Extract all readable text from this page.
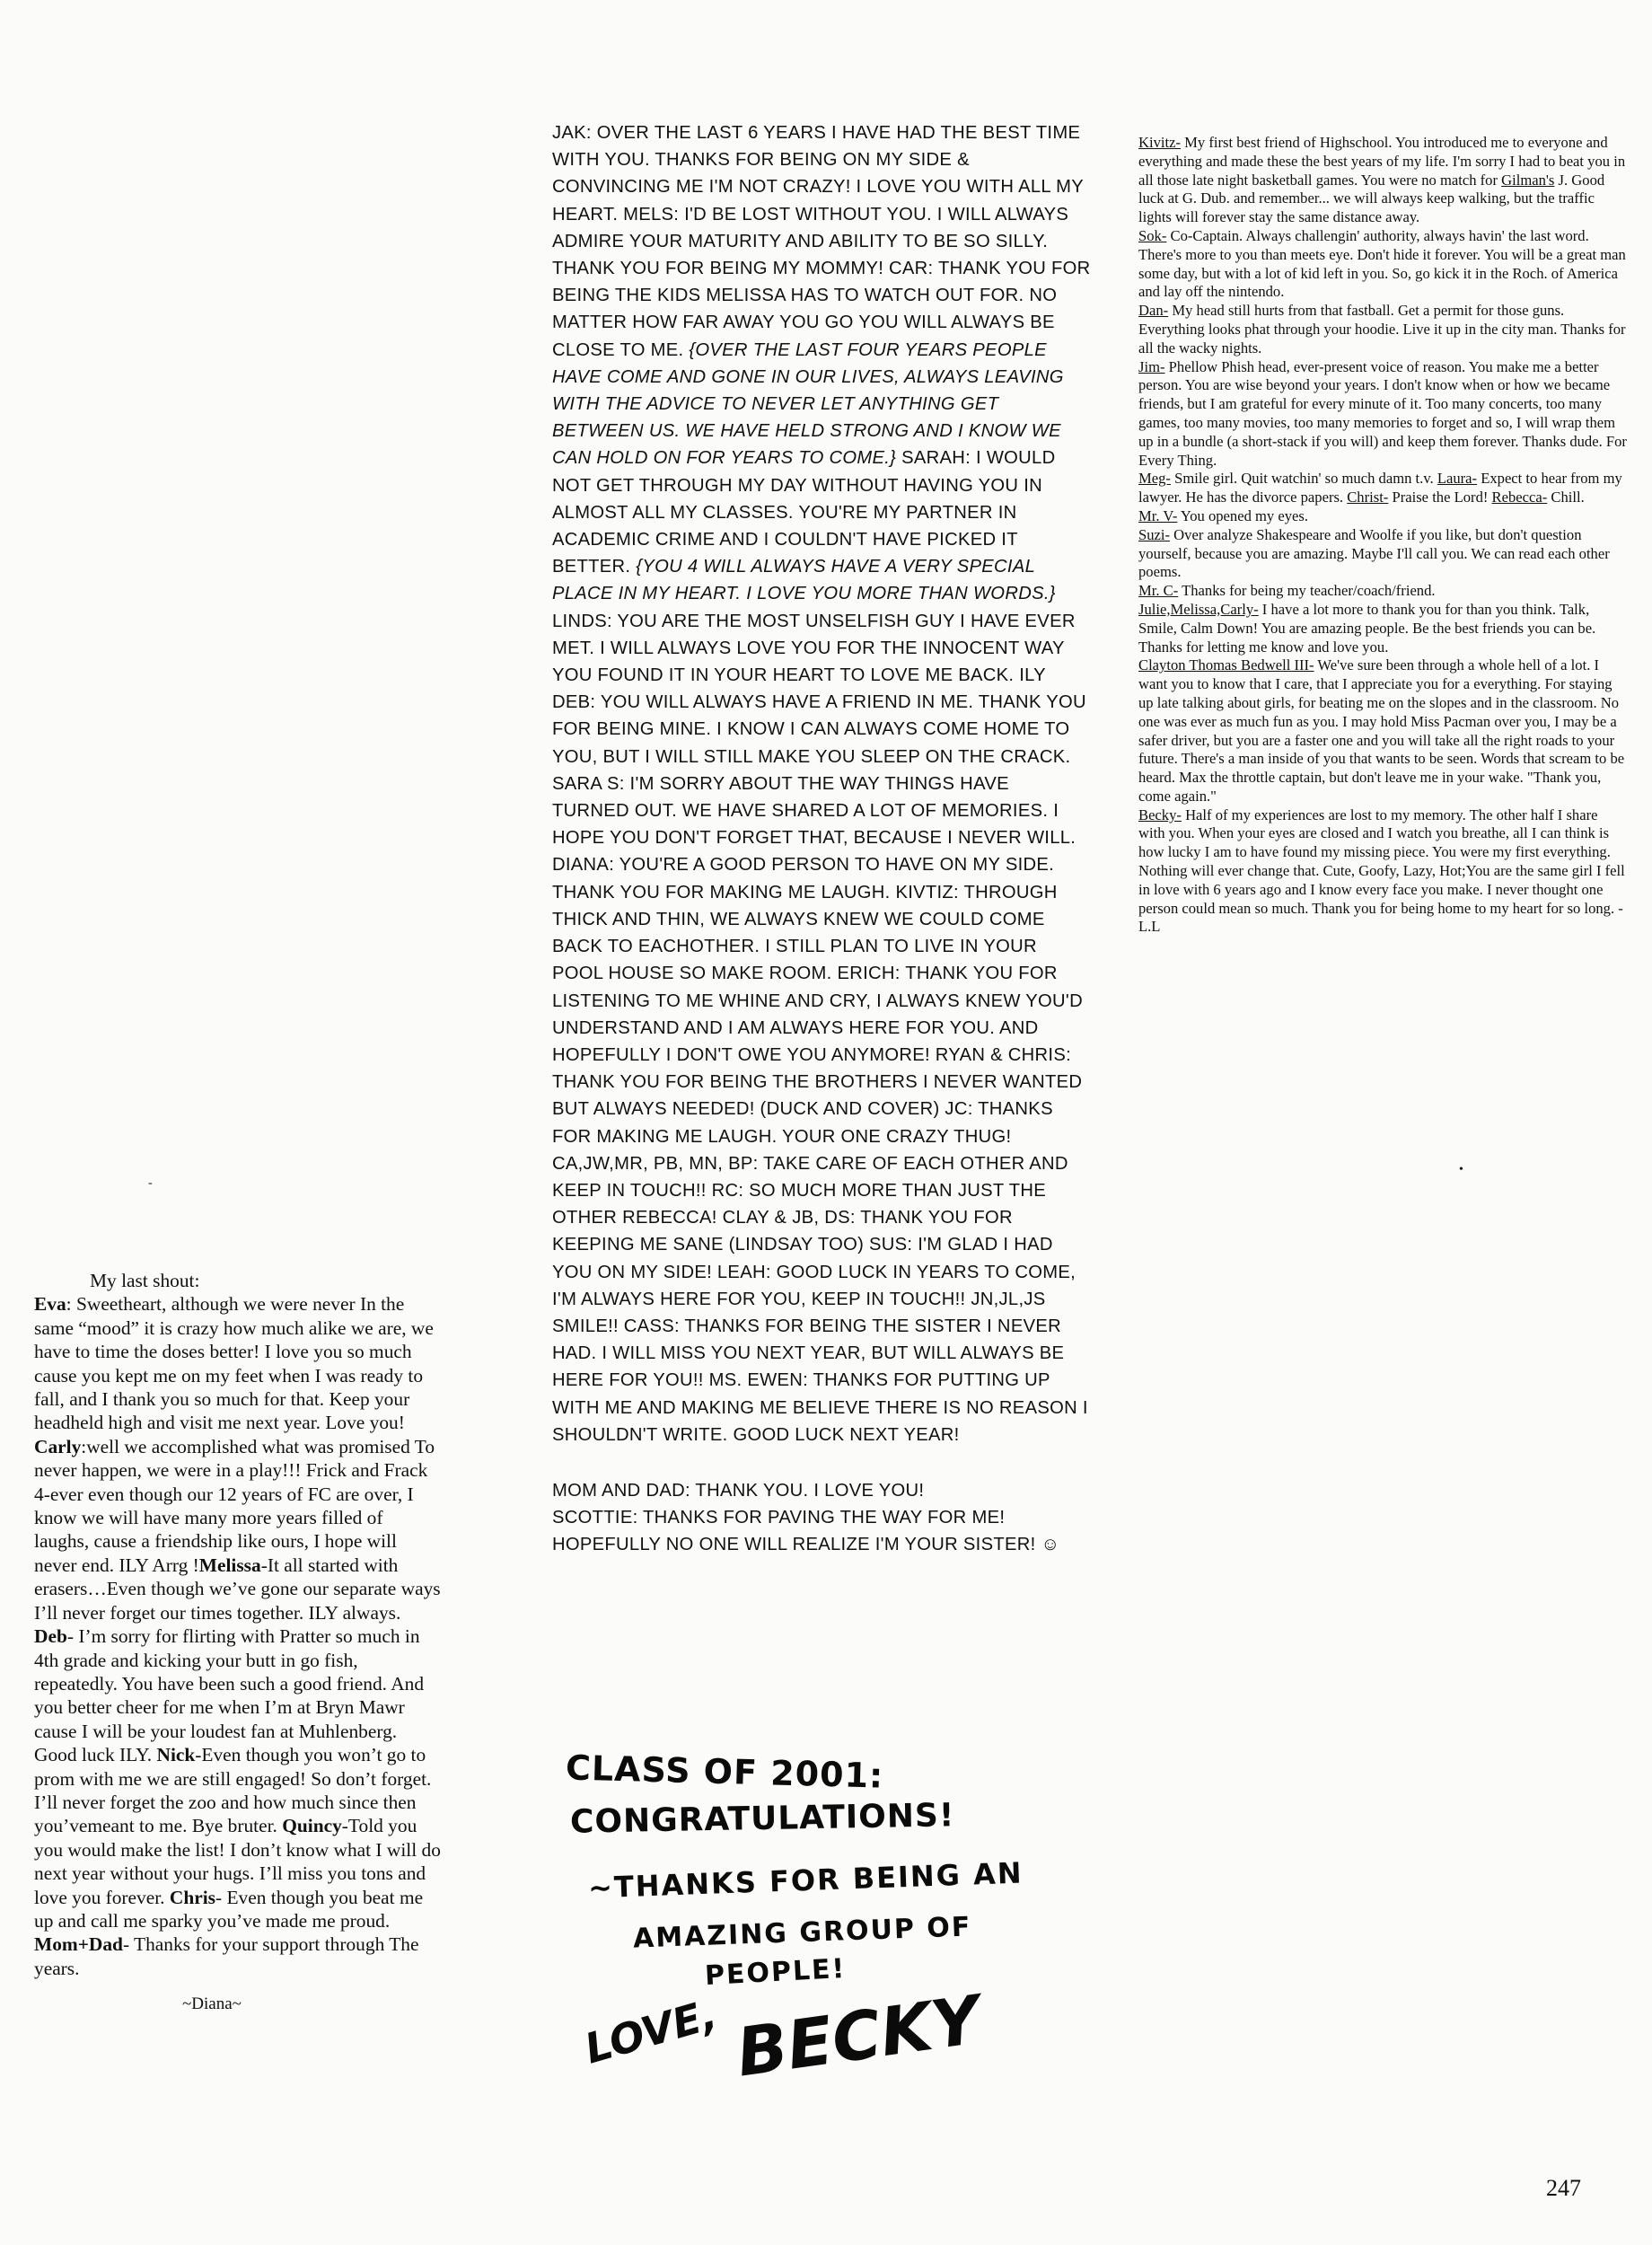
My last shout:

Eva: Sweetheart, although we were never In the same “mood” it is crazy how much alike we are, we have to time the doses better! I love you so much cause you kept me on my feet when I was ready to fall, and I thank you so much for that. Keep your headheld high and visit me next year. Love you! Carly:well we accomplished what was promised To never happen, we were in a play!!! Frick and Frack 4-ever even though our 12 years of FC are over, I know we will have many more years filled of laughs, cause a friendship like ours, I hope will never end. ILY Arrg !Melissa-It all started with erasers…Even though we’ve gone our separate ways I’ll never forget our times together. ILY always. Deb- I’m sorry for flirting with Pratter so much in 4th grade and kicking your butt in go fish, repeatedly. You have been such a good friend. And you better cheer for me when I’m at Bryn Mawr cause I will be your loudest fan at Muhlenberg. Good luck ILY. Nick-Even though you won’t go to prom with me we are still engaged! So don’t forget. I’ll never forget the zoo and how much since then you’vemeant to me. Bye bruter. Quincy-Told you you would make the list! I don’t know what I will do next year without your hugs. I’ll miss you tons and love you forever. Chris- Even though you beat me up and call me sparky you’ve made me proud. Mom+Dad- Thanks for your support through The years.

~Diana~

JAK: OVER THE LAST 6 YEARS I HAVE HAD THE BEST TIME WITH YOU. THANKS FOR BEING ON MY SIDE & CONVINCING ME I'M NOT CRAZY! I LOVE YOU WITH ALL MY HEART. MELS: I'D BE LOST WITHOUT YOU. I WILL ALWAYS ADMIRE YOUR MATURITY AND ABILITY TO BE SO SILLY. THANK YOU FOR BEING MY MOMMY! CAR: THANK YOU FOR BEING THE KIDS MELISSA HAS TO WATCH OUT FOR. NO MATTER HOW FAR AWAY YOU GO YOU WILL ALWAYS BE CLOSE TO ME. {OVER THE LAST FOUR YEARS PEOPLE HAVE COME AND GONE IN OUR LIVES, ALWAYS LEAVING WITH THE ADVICE TO NEVER LET ANYTHING GET BETWEEN US. WE HAVE HELD STRONG AND I KNOW WE CAN HOLD ON FOR YEARS TO COME.} SARAH: I WOULD NOT GET THROUGH MY DAY WITHOUT HAVING YOU IN ALMOST ALL MY CLASSES. YOU'RE MY PARTNER IN ACADEMIC CRIME AND I COULDN'T HAVE PICKED IT BETTER. {YOU 4 WILL ALWAYS HAVE A VERY SPECIAL PLACE IN MY HEART. I LOVE YOU MORE THAN WORDS.}

LINDS: YOU ARE THE MOST UNSELFISH GUY I HAVE EVER MET. I WILL ALWAYS LOVE YOU FOR THE INNOCENT WAY YOU FOUND IT IN YOUR HEART TO LOVE ME BACK. ILY DEB: YOU WILL ALWAYS HAVE A FRIEND IN ME. THANK YOU FOR BEING MINE. I KNOW I CAN ALWAYS COME HOME TO YOU, BUT I WILL STILL MAKE YOU SLEEP ON THE CRACK. SARA S: I'M SORRY ABOUT THE WAY THINGS HAVE TURNED OUT. WE HAVE SHARED A LOT OF MEMORIES. I HOPE YOU DON'T FORGET THAT, BECAUSE I NEVER WILL. DIANA: YOU'RE A GOOD PERSON TO HAVE ON MY SIDE. THANK YOU FOR MAKING ME LAUGH. KIVTIZ: THROUGH THICK AND THIN, WE ALWAYS KNEW WE COULD COME BACK TO EACHOTHER. I STILL PLAN TO LIVE IN YOUR POOL HOUSE SO MAKE ROOM. ERICH: THANK YOU FOR LISTENING TO ME WHINE AND CRY, I ALWAYS KNEW YOU'D UNDERSTAND AND I AM ALWAYS HERE FOR YOU. AND HOPEFULLY I DON'T OWE YOU ANYMORE! RYAN & CHRIS: THANK YOU FOR BEING THE BROTHERS I NEVER WANTED BUT ALWAYS NEEDED! (DUCK AND COVER) JC: THANKS FOR MAKING ME LAUGH. YOUR ONE CRAZY THUG! CA,JW,MR, PB, MN, BP: TAKE CARE OF EACH OTHER AND KEEP IN TOUCH!! RC: SO MUCH MORE THAN JUST THE OTHER REBECCA! CLAY & JB, DS: THANK YOU FOR KEEPING ME SANE (LINDSAY TOO) SUS: I'M GLAD I HAD YOU ON MY SIDE! LEAH: GOOD LUCK IN YEARS TO COME, I'M ALWAYS HERE FOR YOU, KEEP IN TOUCH!! JN,JL,JS SMILE!! CASS: THANKS FOR BEING THE SISTER I NEVER HAD. I WILL MISS YOU NEXT YEAR, BUT WILL ALWAYS BE HERE FOR YOU!! MS. EWEN: THANKS FOR PUTTING UP WITH ME AND MAKING ME BELIEVE THERE IS NO REASON I SHOULDN'T WRITE. GOOD LUCK NEXT YEAR!

MOM AND DAD: THANK YOU. I LOVE YOU!

SCOTTIE: THANKS FOR PAVING THE WAY FOR ME! HOPEFULLY NO ONE WILL REALIZE I'M YOUR SISTER! ☺

CLASS OF 2001:
CONGRATULATIONS!
~THANKS FOR BEING AN
AMAZING GROUP OF
PEOPLE!
LOVE, BECKY

Kivitz- My first best friend of Highschool. You introduced me to everyone and everything and made these the best years of my life. I'm sorry I had to beat you in all those late night basketball games. You were no match for Gilman's J. Good luck at G. Dub. and remember... we will always keep walking, but the traffic lights will forever stay the same distance away.

Sok- Co-Captain. Always challengin' authority, always havin' the last word. There's more to you than meets eye. Don't hide it forever. You will be a great man some day, but with a lot of kid left in you. So, go kick it in the Roch. of America and lay off the nintendo.

Dan- My head still hurts from that fastball. Get a permit for those guns. Everything looks phat through your hoodie. Live it up in the city man. Thanks for all the wacky nights.

Jim- Phellow Phish head, ever-present voice of reason. You make me a better person. You are wise beyond your years. I don't know when or how we became friends, but I am grateful for every minute of it. Too many concerts, too many games, too many movies, too many memories to forget and so, I will wrap them up in a bundle (a short-stack if you will) and keep them forever. Thanks dude. For Every Thing.

Meg- Smile girl. Quit watchin' so much damn t.v. Laura- Expect to hear from my lawyer. He has the divorce papers. Christ- Praise the Lord! Rebecca- Chill.

Mr. V- You opened my eyes.

Suzi- Over analyze Shakespeare and Woolfe if you like, but don't question yourself, because you are amazing. Maybe I'll call you. We can read each other poems.

Mr. C- Thanks for being my teacher/coach/friend.

Julie,Melissa,Carly- I have a lot more to thank you for than you think. Talk, Smile, Calm Down! You are amazing people. Be the best friends you can be. Thanks for letting me know and love you.

Clayton Thomas Bedwell III- We've sure been through a whole hell of a lot. I want you to know that I care, that I appreciate you for a everything. For staying up late talking about girls, for beating me on the slopes and in the classroom. No one was ever as much fun as you. I may hold Miss Pacman over you, I may be a safer driver, but you are a faster one and you will take all the right roads to your future. There's a man inside of you that wants to be seen. Words that scream to be heard. Max the throttle captain, but don't leave me in your wake. "Thank you, come again."

Becky- Half of my experiences are lost to my memory. The other half I share with you. When your eyes are closed and I watch you breathe, all I can think is how lucky I am to have found my missing piece. You were my first everything. Nothing will ever change that. Cute, Goofy, Lazy, Hot;You are the same girl I fell in love with 6 years ago and I know every face you make. I never thought one person could mean so much. Thank you for being home to my heart for so long. -L.L

•
-
247
